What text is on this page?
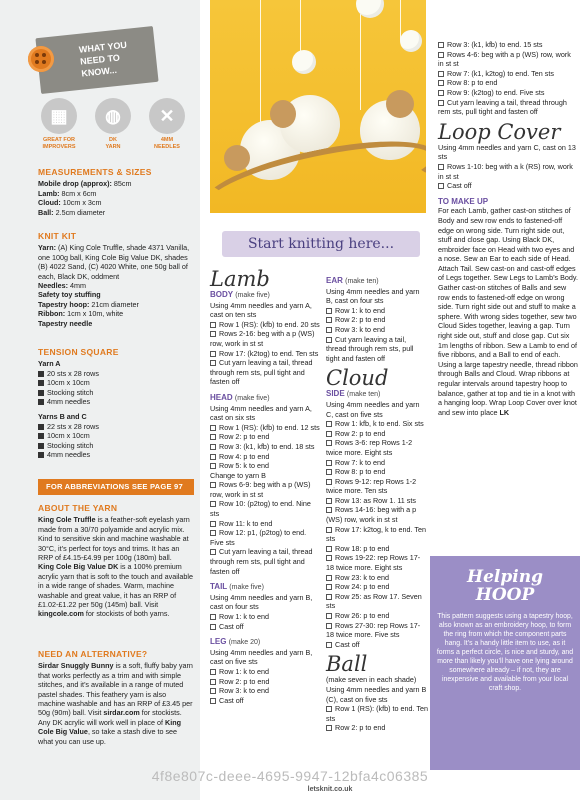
WHAT YOU
NEED TO
KNOW...
▦
GREAT FOR
IMPROVERS
◍
DK
YARN
✕
4MM
NEEDLES
MEASUREMENTS & SIZES
Mobile drop (approx): 85cm
Lamb: 8cm x 6cm
Cloud: 10cm x 3cm
Ball: 2.5cm diameter
KNIT KIT
Yarn: (A) King Cole Truffle, shade 4371 Vanilla, one 100g ball, King Cole Big Value DK, shades (B) 4022 Sand, (C) 4020 White, one 50g ball of each, Black DK, oddment
Needles: 4mm
Safety toy stuffing
Tapestry hoop: 21cm diameter
Ribbon: 1cm x 10m, white
Tapestry needle
TENSION SQUARE
Yarn A
20 sts x 28 rows
10cm x 10cm
Stocking stitch
4mm needles
Yarns B and C
22 sts x 28 rows
10cm x 10cm
Stocking stitch
4mm needles
FOR ABBREVIATIONS SEE PAGE 97
ABOUT THE YARN
King Cole Truffle is a feather-soft eyelash yarn made from a 30/70 polyamide and acrylic mix. Kind to sensitive skin and machine washable at 30°C, it’s perfect for toys and trims. It has an RRP of £4.15-£4.99 per 100g (180m) ball.
King Cole Big Value DK is a 100% premium acrylic yarn that is soft to the touch and available in a wide range of shades. Warm, machine washable and great value, it has an RRP of £1.02-£1.22 per 50g (145m) ball. Visit kingcole.com for stockists of both yarns.
NEED AN ALTERNATIVE?
Sirdar Snuggly Bunny is a soft, fluffy baby yarn that works perfectly as a trim and with simple stitches, and it’s available in a range of muted pastel shades. This feathery yarn is also machine washable and has an RRP of £3.45 per 50g (90m) ball. Visit sirdar.com for stockists. Any DK acrylic will work well in place of King Cole Big Value, so take a stash dive to see what you can use up.
Start knitting here...
Lamb
BODY (make five)
Using 4mm needles and yarn A, cast on ten sts
Row 1 (RS): (kfb) to end. 20 sts
Rows 2-16: beg with a p (WS) row, work in st st
Row 17: (k2tog) to end. Ten sts
Cut yarn leaving a tail, thread through rem sts, pull tight and fasten off
HEAD (make five)
Using 4mm needles and yarn A, cast on six sts
Row 1 (RS): (kfb) to end. 12 sts
Row 2: p to end
Row 3: (k1, kfb) to end. 18 sts
Row 4: p to end
Row 5: k to end
Change to yarn B
Rows 6-9: beg with a p (WS) row, work in st st
Row 10: (p2tog) to end. Nine sts
Row 11: k to end
Row 12: p1, (p2tog) to end. Five sts
Cut yarn leaving a tail, thread through rem sts, pull tight and fasten off
TAIL (make five)
Using 4mm needles and yarn B, cast on four sts
Row 1: k to end
Cast off
LEG (make 20)
Using 4mm needles and yarn B, cast on five sts
Row 1: k to end
Row 2: p to end
Row 3: k to end
Cast off
EAR (make ten)
Using 4mm needles and yarn B, cast on four sts
Row 1: k to end
Row 2: p to end
Row 3: k to end
Cut yarn leaving a tail, thread through rem sts, pull tight and fasten off
Cloud
SIDE (make ten)
Using 4mm needles and yarn C, cast on five sts
Row 1: kfb, k to end. Six sts
Row 2: p to end
Rows 3-6: rep Rows 1-2 twice more. Eight sts
Row 7: k to end
Row 8: p to end
Rows 9-12: rep Rows 1-2 twice more. Ten sts
Row 13: as Row 1. 11 sts
Rows 14-16: beg with a p (WS) row, work in st st
Row 17: k2tog, k to end. Ten sts
Row 18: p to end
Rows 19-22: rep Rows 17-18 twice more. Eight sts
Row 23: k to end
Row 24: p to end
Row 25: as Row 17. Seven sts
Row 26: p to end
Rows 27-30: rep Rows 17-18 twice more. Five sts
Cast off
Ball
(make seven in each shade)
Using 4mm needles and yarn B (C), cast on five sts
Row 1 (RS): (kfb) to end. Ten sts
Row 2: p to end
Row 3: (k1, kfb) to end. 15 sts
Rows 4-6: beg with a p (WS) row, work in st st
Row 7: (k1, k2tog) to end. Ten sts
Row 8: p to end
Row 9: (k2tog) to end. Five sts
Cut yarn leaving a tail, thread through rem sts, pull tight and fasten off
Loop Cover
Using 4mm needles and yarn C, cast on 13 sts
Rows 1-10: beg with a k (RS) row, work in st st
Cast off
TO MAKE UP
For each Lamb, gather cast-on stitches of Body and sew row ends to fastened-off edge on wrong side. Turn right side out, stuff and close gap. Using Black DK, embroider face on Head with two eyes and a nose. Sew an Ear to each side of Head. Attach Tail. Sew cast-on and cast-off edges of Legs together. Sew Legs to Lamb’s Body. Gather cast-on stitches of Balls and sew row ends to fastened-off edge on wrong side. Turn right side out and stuff to make a sphere. With wrong sides together, sew two Cloud Sides together, leaving a gap. Turn right side out, stuff and close gap. Cut six 1m lengths of ribbon. Sew a Lamb to end of five ribbons, and a Ball to end of each. Using a large tapestry needle, thread ribbon through Balls and Cloud. Wrap ribbons at regular intervals around tapestry hoop to balance, gather at top and tie in a knot with a hanging loop. Wrap Loop Cover over knot and sew into place LK
Helping
HOOP
This pattern suggests using a tapestry hoop, also known as an embroidery hoop, to form the ring from which the component parts hang. It’s a handy little item to use, as it forms a perfect circle, is nice and sturdy, and more than likely you’ll have one lying around somewhere already – if not, they are inexpensive and available from your local craft shop.
4f8e807c-deee-4695-9947-12bfa4c06385
letsknit.co.uk
